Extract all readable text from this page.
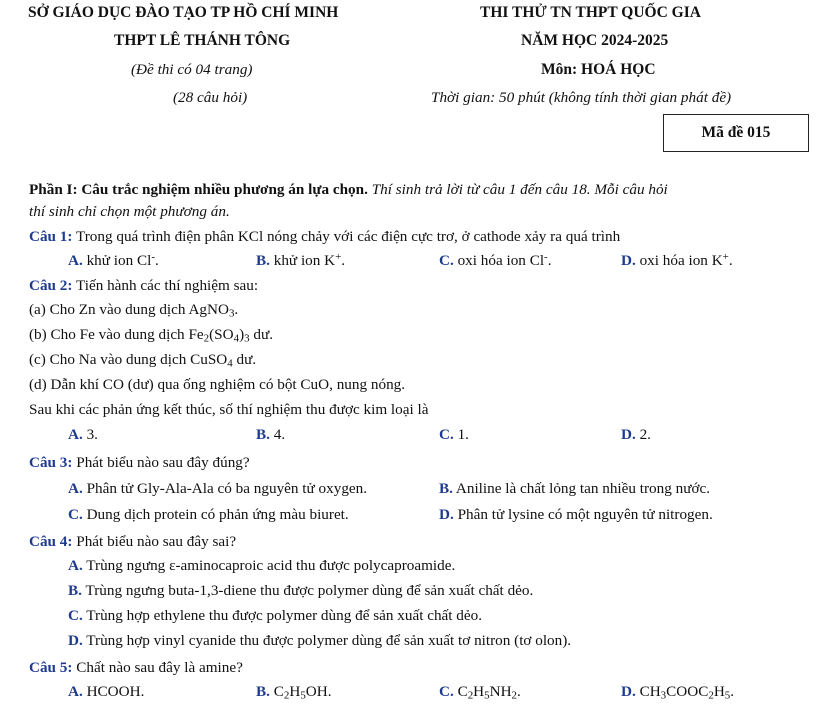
SỞ GIÁO DỤC ĐÀO TẠO TP HỒ CHÍ MINH
THPT LÊ THÁNH TÔNG
(Đề thi có 04 trang)
(28 câu hỏi)
THI THỬ TN THPT QUỐC GIA
NĂM HỌC 2024-2025
Môn: HOÁ HỌC
Thời gian: 50 phút (không tính thời gian phát đề)
Mã đề 015
Phần I: Câu trắc nghiệm nhiều phương án lựa chọn. Thí sinh trả lời từ câu 1 đến câu 18. Mỗi câu hỏi
thí sinh chỉ chọn một phương án.
Câu 1: Trong quá trình điện phân KCl nóng chảy với các điện cực trơ, ở cathode xảy ra quá trình
A. khử ion Cl-.	B. khử ion K+.	C. oxi hóa ion Cl-.	D. oxi hóa ion K+.
Câu 2: Tiến hành các thí nghiệm sau:
(a) Cho Zn vào dung dịch AgNO$_3$.
(b) Cho Fe vào dung dịch $Fe_2(SO_4)_3$ dư.
(c) Cho Na vào dung dịch CuSO$_4$ dư.
(d) Dẫn khí CO (dư) qua ống nghiệm có bột CuO, nung nóng.
Sau khi các phản ứng kết thúc, số thí nghiệm thu được kim loại là
A. 3.	B. 4.	C. 1.	D. 2.
Câu 3: Phát biểu nào sau đây đúng?
A. Phân tử Gly-Ala-Ala có ba nguyên tử oxygen.	B. Aniline là chất lỏng tan nhiều trong nước.
C. Dung dịch protein có phản ứng màu biuret.	D. Phân tử lysine có một nguyên tử nitrogen.
Câu 4: Phát biểu nào sau đây sai?
A. Trùng ngưng ε-aminocaproic acid thu được polycaproamide.
B. Trùng ngưng buta-1,3-diene thu được polymer dùng để sản xuất chất dẻo.
C. Trùng hợp ethylene thu được polymer dùng để sản xuất chất dẻo.
D. Trùng hợp vinyl cyanide thu được polymer dùng để sản xuất tơ nitron (tơ olon).
Câu 5: Chất nào sau đây là amine?
A. HCOOH.	B. $C_2H_5OH$.	C. $C_2H_5NH_2$.	D. $CH_3COOC_2H_5$.
